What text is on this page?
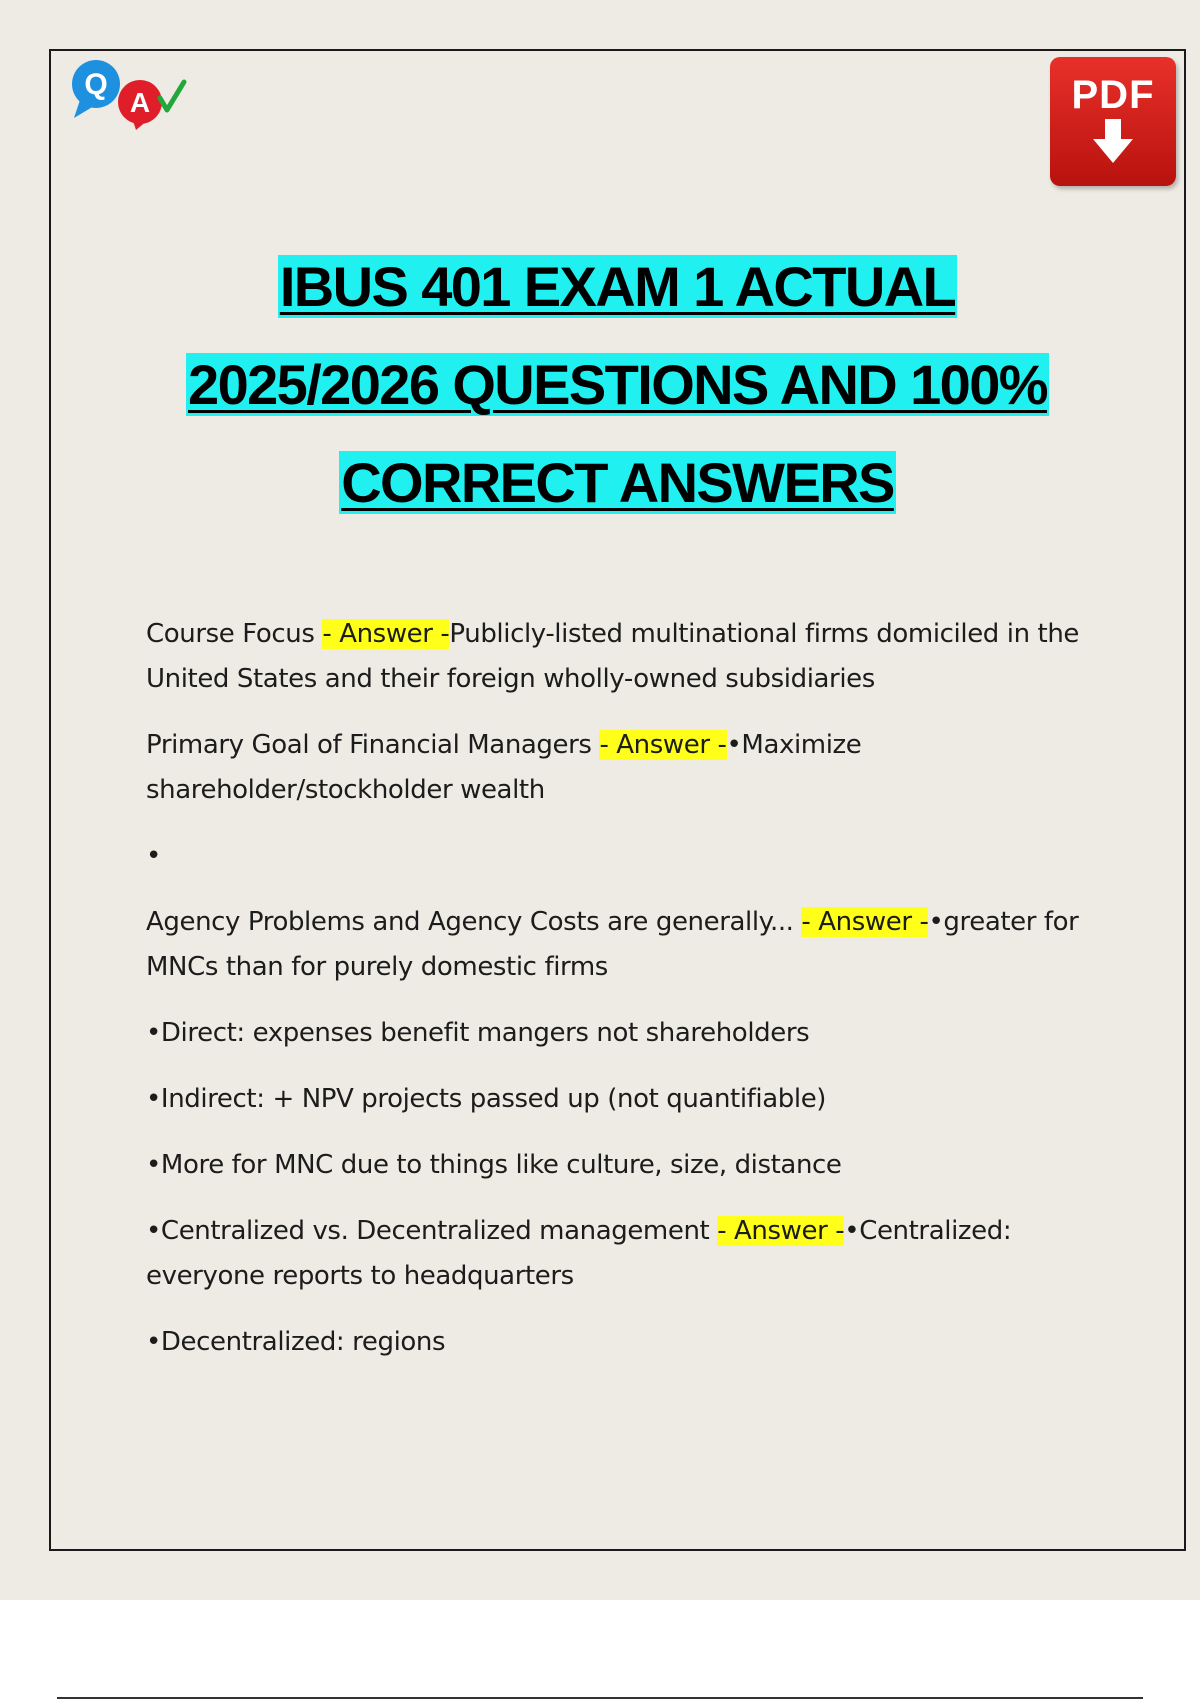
Q
A	PDF
IBUS 401 EXAM 1 ACTUAL
2025/2026 QUESTIONS AND 100%
CORRECT ANSWERS

Course Focus - Answer -Publicly-listed multinational firms domiciled in the United States and their foreign wholly-owned subsidiaries

Primary Goal of Financial Managers - Answer -•Maximize shareholder/stockholder wealth

•

Agency Problems and Agency Costs are generally... - Answer -•greater for MNCs than for purely domestic firms

•Direct: expenses benefit mangers not shareholders

•Indirect: + NPV projects passed up (not quantifiable)

•More for MNC due to things like culture, size, distance

•Centralized vs. Decentralized management - Answer -•Centralized: everyone reports to headquarters

•Decentralized: regions
